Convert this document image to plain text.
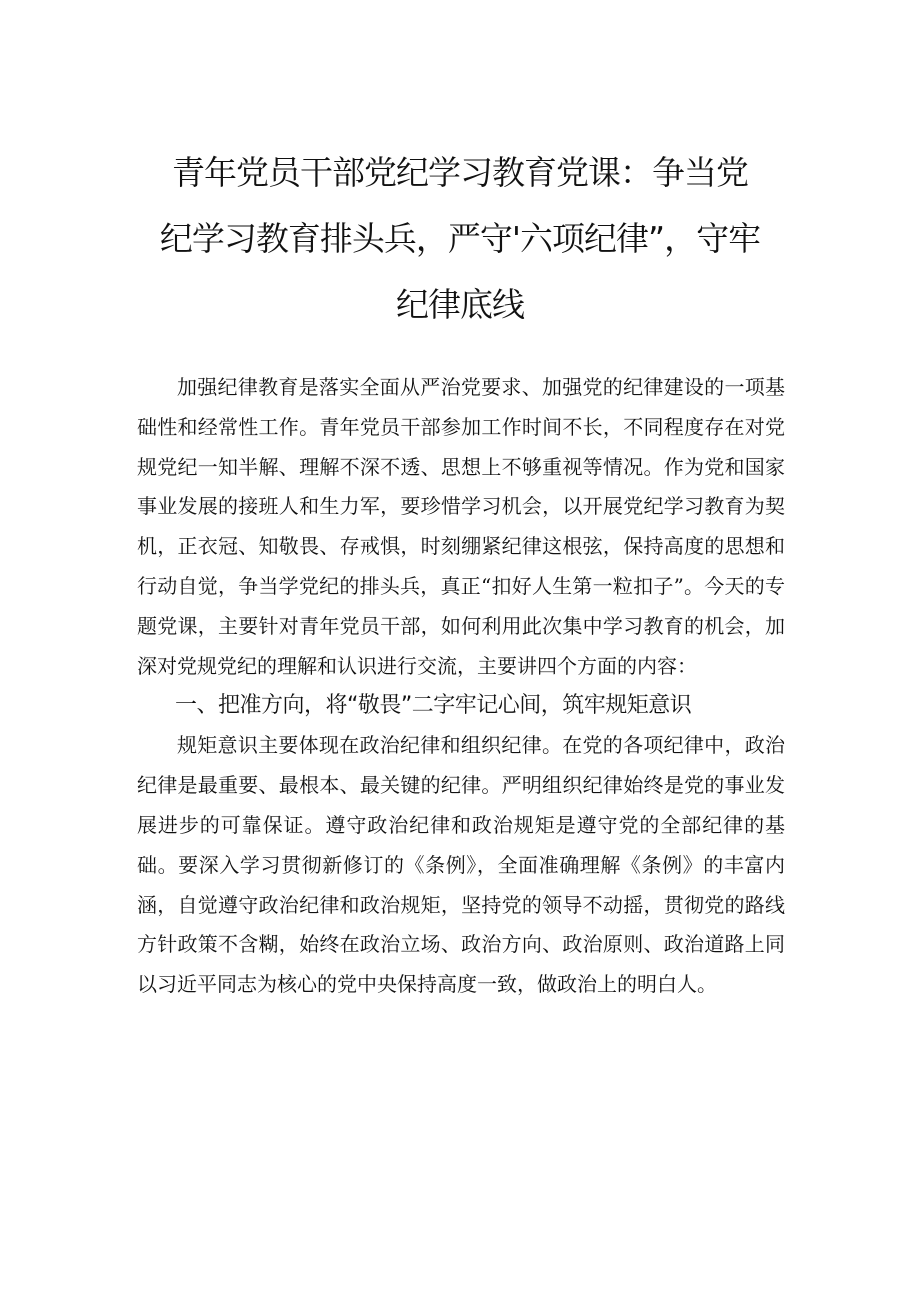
青年党员干部党纪学习教育党课：争当党
纪学习教育排头兵，严守'六项纪律”，守牢
纪律底线

加强纪律教育是落实全面从严治党要求、加强党的纪律建设的一项基础性和经常性工作。青年党员干部参加工作时间不长，不同程度存在对党规党纪一知半解、理解不深不透、思想上不够重视等情况。作为党和国家事业发展的接班人和生力军，要珍惜学习机会，以开展党纪学习教育为契机，正衣冠、知敬畏、存戒惧，时刻绷紧纪律这根弦，保持高度的思想和行动自觉，争当学党纪的排头兵，真正“扣好人生第一粒扣子”。今天的专题党课，主要针对青年党员干部，如何利用此次集中学习教育的机会，加深对党规党纪的理解和认识进行交流，主要讲四个方面的内容：

一、把准方向，将“敬畏”二字牢记心间，筑牢规矩意识

规矩意识主要体现在政治纪律和组织纪律。在党的各项纪律中，政治纪律是最重要、最根本、最关键的纪律。严明组织纪律始终是党的事业发展进步的可靠保证。遵守政治纪律和政治规矩是遵守党的全部纪律的基础。要深入学习贯彻新修订的《条例》，全面准确理解《条例》的丰富内涵，自觉遵守政治纪律和政治规矩，坚持党的领导不动摇，贯彻党的路线方针政策不含糊，始终在政治立场、政治方向、政治原则、政治道路上同以习近平同志为核心的党中央保持高度一致，做政治上的明白人。
